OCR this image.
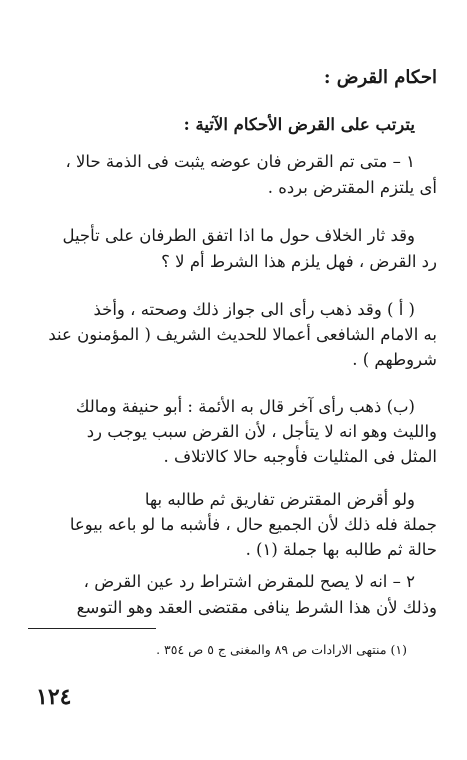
احكام القرض :
يترتب على القرض الأحكام الآتية :
١ – متى تم القرض فان عوضه يثبت فى الذمة حالا ،
أى يلتزم المقترض برده .
وقد ثار الخلاف حول ما اذا اتفق الطرفان على تأجيل
رد القرض ، فهل يلزم هذا الشرط أم لا ؟
( أ ) وقد ذهب رأى الى جواز ذلك وصحته ، وأخذ
به الامام الشافعى أعمالا للحديث الشريف ( المؤمنون عند
شروطهم ) .
(ب) ذهب رأى آخر قال به الأئمة : أبو حنيفة ومالك
والليث وهو انه لا يتأجل ، لأن القرض سبب يوجب رد
المثل فى المثليات فأوجبه حالا كالاتلاف .
ولو أقرض المقترض تفاريق ثم طالبه بها
جملة فله ذلك لأن الجميع حال ، فأشبه ما لو باعه بيوعا
حالة ثم طالبه بها جملة (١) .
٢ – انه لا يصح للمقرض اشتراط رد عين القرض ،
وذلك لأن هذا الشرط ينافى مقتضى العقد وهو التوسع
(١) منتهى الارادات ص ٨٩ والمغنى ج ٥ ص ٣٥٤ .
١٢٤
